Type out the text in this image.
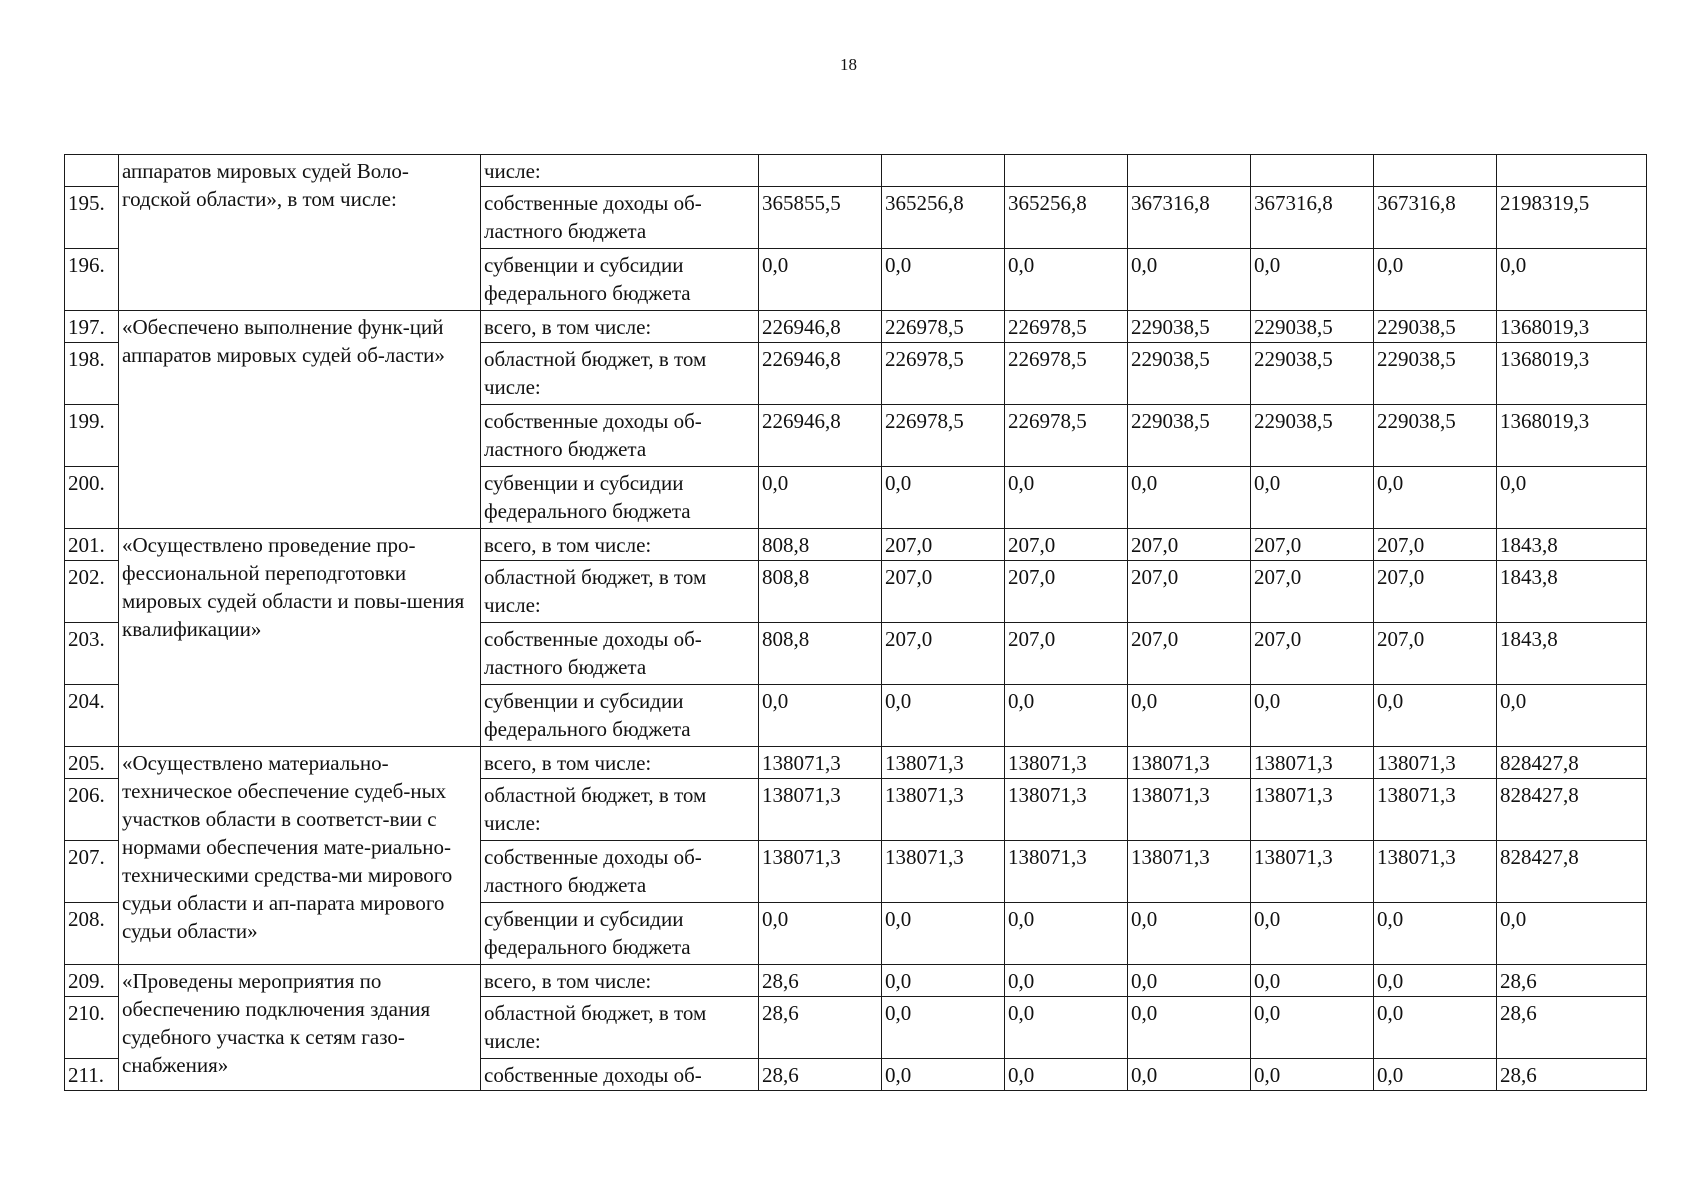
18
	аппаратов мировых судей Воло-годской области», в том числе:	числе:							
195.		собственные доходы об-ластного бюджета	365855,5	365256,8	365256,8	367316,8	367316,8	367316,8	2198319,5
196.		субвенции и субсидии федерального бюджета	0,0	0,0	0,0	0,0	0,0	0,0	0,0
197.	«Обеспечено выполнение функ-ций аппаратов мировых судей об-ласти»	всего, в том числе:	226946,8	226978,5	226978,5	229038,5	229038,5	229038,5	1368019,3
198.		областной бюджет, в том числе:	226946,8	226978,5	226978,5	229038,5	229038,5	229038,5	1368019,3
199.		собственные доходы об-ластного бюджета	226946,8	226978,5	226978,5	229038,5	229038,5	229038,5	1368019,3
200.		субвенции и субсидии федерального бюджета	0,0	0,0	0,0	0,0	0,0	0,0	0,0
201.	«Осуществлено проведение про-фессиональной переподготовки мировых судей области и повы-шения квалификации»	всего, в том числе:	808,8	207,0	207,0	207,0	207,0	207,0	1843,8
202.		областной бюджет, в том числе:	808,8	207,0	207,0	207,0	207,0	207,0	1843,8
203.		собственные доходы об-ластного бюджета	808,8	207,0	207,0	207,0	207,0	207,0	1843,8
204.		субвенции и субсидии федерального бюджета	0,0	0,0	0,0	0,0	0,0	0,0	0,0
205.	«Осуществлено материально-техническое обеспечение судеб-ных участков области в соответст-вии с нормами обеспечения мате-риально-техническими средства-ми мирового судьи области и ап-парата мирового судьи области»	всего, в том числе:	138071,3	138071,3	138071,3	138071,3	138071,3	138071,3	828427,8
206.		областной бюджет, в том числе:	138071,3	138071,3	138071,3	138071,3	138071,3	138071,3	828427,8
207.		собственные доходы об-ластного бюджета	138071,3	138071,3	138071,3	138071,3	138071,3	138071,3	828427,8
208.		субвенции и субсидии федерального бюджета	0,0	0,0	0,0	0,0	0,0	0,0	0,0
209.	«Проведены мероприятия по обеспечению подключения здания судебного участка к сетям газо-снабжения»	всего, в том числе:	28,6	0,0	0,0	0,0	0,0	0,0	28,6
210.		областной бюджет, в том числе:	28,6	0,0	0,0	0,0	0,0	0,0	28,6
211.		собственные доходы об-	28,6	0,0	0,0	0,0	0,0	0,0	28,6
